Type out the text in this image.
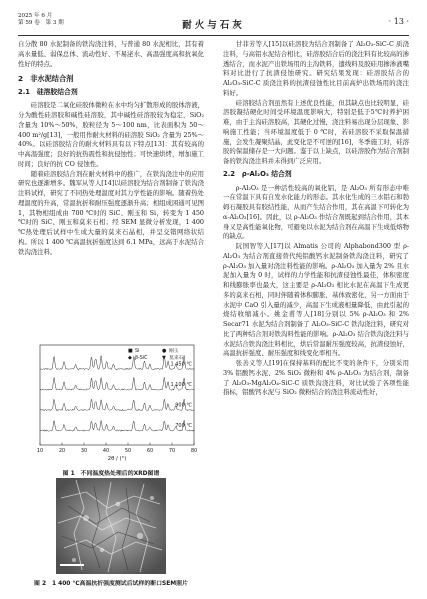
2025 年 6 月
第 59 卷　第 3 期	耐火与石灰	· 13 ·

自分散 80 水泥制备的铁沟浇注料，与普通 80 水泥相比，其有着高水量低、弱保总体、流动性好、不易泌水、高温强度高和抗氧化性好的特点。

2　非水泥结合剂

2.1　硅溶胶结合剂

硅溶胶是二氧化硅胶体微粒在水中均匀扩散形成的胶体溶液，分为酸性硅溶胶和碱性硅溶胶，其中碱性硅溶胶较为稳定，SiO₂ 含量为 10%～50%，胶粒径为 5～100 nm，比表面积为 50～400 m²/g[13]，一般用作耐火材料的硅溶胶 SiO₂ 含量为 25%～40%。以硅溶胶结合的耐火材料具有以下特点[13]：其有较高的中高温强度；良好的抗热震性和抗侵蚀性；可快速烘烤，增加施工时间；良好的抗 CO 侵蚀性。

随着硅溶胶结合剂在耐火材料中的推广，在铁沟浇注中的应用研究也逐渐增多。魏军从等人[14]以硅溶胶为结合剂制备了铁沟浇注料试样，研究了不同热处理温度对其力学性能的影响。随着热处理温度的升高，常温抗折和耐压强度逐渐升高；相组成困通可见图 1，其物相组成由 700 ℃时的 SiC、刚玉和 Si，转变为 1 450 ℃时的 SiC、刚玉和莫来石相；经 SEM 显微分析发现，1 400 ℃热处理后试样中生成大量的莫来石晶相，并呈交错网络状结构。所以 1 400 ℃高温抗折强度达到 6.1 MPa，远高于水泥结合铁沟浇注料。

10	20	30	40	50	60	70	80
2θ / (°)
1 450 ℃
1 100 ℃
900 ℃
700 ℃
■ Si	● 刚玉
◆ β-SiC	▼ 莫来石
图 1　不同温度热处理后的XRD图谱
图 2　1 400 ℃高温抗折强度测试后试样的断口SEM照片

甘菲芳等人[15]以硅溶胶为结合剂制备了 Al₂O₃-SiC-C 质浇注料，与高铝水泥结合相比，硅溶胶结合后的浇注料有比较高的渗透结合，而水泥产出铁场用的主沟铁料，遗线料及胶硅用掺渗液嘴料对比进行了抗渣侵蚀研究。研究结果发现：硅溶胶结合的 Al₂O₃-SiC-C 质浇注料的抗渣侵蚀性比目前高炉出铁场用的浇注料好。

硅溶胶结合剂虽然有上述优良性能，但其缺点也比较明显，硅溶胶凝结硬化时间受环境温度影响大，特别是低于5℃时养护困难，由于主沟硅溶胶高，其硬化过慢，浇注料易出现分层现象、影响施工性能；当环境温度低于 0 ℃时，若硅溶胶不采取保温措施，会发生凝聚结晶，此变化是不可逆的[16]，冬季施工时，硅溶胶的保温储存是一大问题。鉴于以上缺点，以硅溶胶作为结合剂制备的铁沟浇注料并未得到广泛应用。

2.2　ρ-Al₂O₃ 结合剂

ρ-Al₂O₃ 是一种活性较高的氧化铝，是 Al₂O₃ 所有形态中唯一在常温下具有自发水化能力的形态。其水化生成的三水铝石和勃姆石凝胶具有胶结性能，从而产生结合作用，其在高温下可转化为 α-Al₂O₃[16]。因此，以 ρ-Al₂O₃ 作结合剂既起到结合作用，其本身又是高性能氧化物，可避免以水泥为结合剂在高温下生成低熔物的缺点。

阮国智等人[17]以 Almatis 公司的 Alphabond300 型 ρ-Al₂O₃ 为结合剂直接替代纯铝酸钙水泥制备铁沟浇注料，研究了 ρ-Al₂O₃ 加入量对浇注料性能的影响。ρ-Al₂O₃ 加入量为 2% 且水泥加入量为 0 时，试样的力学性能和抗渣侵蚀性最佳，体积密度和线膨胀率也最大，这主要是 ρ-Al₂O₃ 相比水泥在高温下生成更多的莫来石相，同时伴随着体积膨胀，基体致密化，另一方面由于水泥中 CaO 引入量的减少，高温下生成液相量降低，由此引起的烧结收缩减小。姚金甫等人[18]分别以 5% ρ-Al₂O₃ 和 2% Secar71 水泥为结合剂制备了 Al₂O₃-SiC-C 铁沟浇注料，研究对比了两种结合剂对铁沟料性能的影响。ρ-Al₂O₃ 结合铁沟浇注料与水泥结合铁沟浇注料相比，烘后常温耐压强度较高，抗渣侵蚀好，高温抗折强度、耐压强度和线变化率相当。

张善义等人[19]在保持基料的配比不变的条件下，分别采用 3% 铝酸钙水泥、2% SiO₂ 微粉和 4% ρ-Al₂O₃ 为结合剂，制备了 Al₂O₃-MgAl₂O₄-SiC-C 质铁沟浇注料，对比试验了各项性能指标，铝酸钙水泥与 SiO₂ 微粉结合的浇注料流动性好，
